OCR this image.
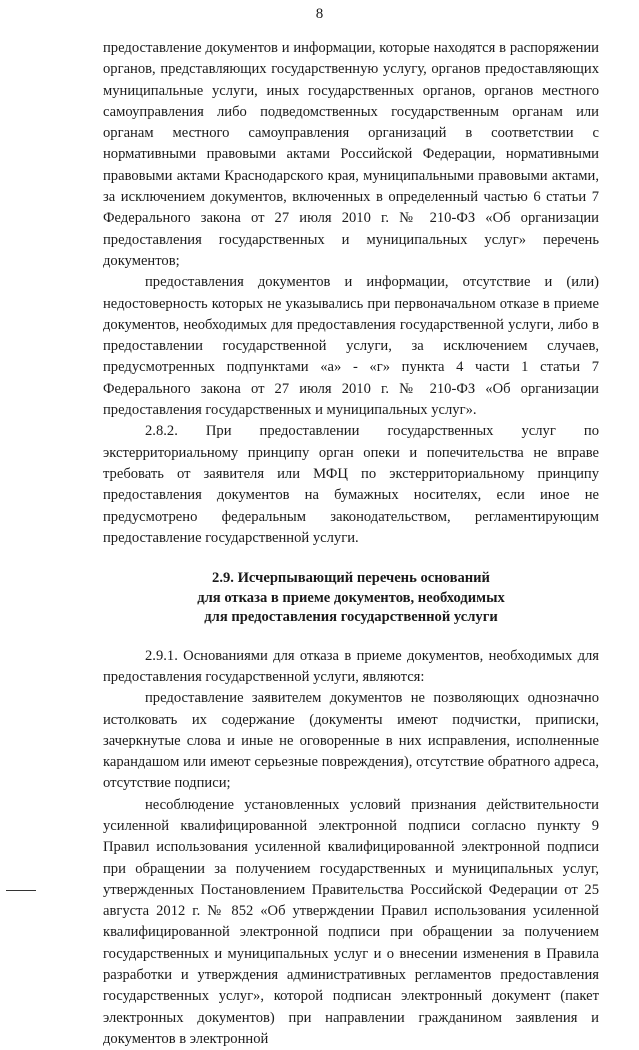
8

предоставление документов и информации, которые находятся в распоряжении органов, представляющих государственную услугу, органов предоставляющих муниципальные услуги, иных государственных органов, органов местного самоуправления либо подведомственных государственным органам или органам местного самоуправления организаций в соответствии с нормативными правовыми актами Российской Федерации, нормативными правовыми актами Краснодарского края, муниципальными правовыми актами, за исключением документов, включенных в определенный частью 6 статьи 7 Федерального закона от 27 июля 2010 г. № 210-ФЗ «Об организации предоставления государственных и муниципальных услуг» перечень документов;

предоставления документов и информации, отсутствие и (или) недостоверность которых не указывались при первоначальном отказе в приеме документов, необходимых для предоставления государственной услуги, либо в предоставлении государственной услуги, за исключением случаев, предусмотренных подпунктами «а» - «г» пункта 4 части 1 статьи 7 Федерального закона от 27 июля 2010 г. № 210-ФЗ «Об организации предоставления государственных и муниципальных услуг».

2.8.2. При предоставлении государственных услуг по экстерриториальному принципу орган опеки и попечительства не вправе требовать от заявителя или МФЦ по экстерриториальному принципу предоставления документов на бумажных носителях, если иное не предусмотрено федеральным законодательством, регламентирующим предоставление государственной услуги.

2.9. Исчерпывающий перечень оснований
для отказа в приеме документов, необходимых
для предоставления государственной услуги

2.9.1. Основаниями для отказа в приеме документов, необходимых для предоставления государственной услуги, являются:

предоставление заявителем документов не позволяющих однозначно истолковать их содержание (документы имеют подчистки, приписки, зачеркнутые слова и иные не оговоренные в них исправления, исполненные карандашом или имеют серьезные повреждения), отсутствие обратного адреса, отсутствие подписи;

несоблюдение установленных условий признания действительности усиленной квалифицированной электронной подписи согласно пункту 9 Правил использования усиленной квалифицированной электронной подписи при обращении за получением государственных и муниципальных услуг, утвержденных Постановлением Правительства Российской Федерации от 25 августа 2012 г. № 852 «Об утверждении Правил использования усиленной квалифицированной электронной подписи при обращении за получением государственных и муниципальных услуг и о внесении изменения в Правила разработки и утверждения административных регламентов предоставления государственных услуг», которой подписан электронный документ (пакет электронных документов) при направлении гражданином заявления и документов в электронной
